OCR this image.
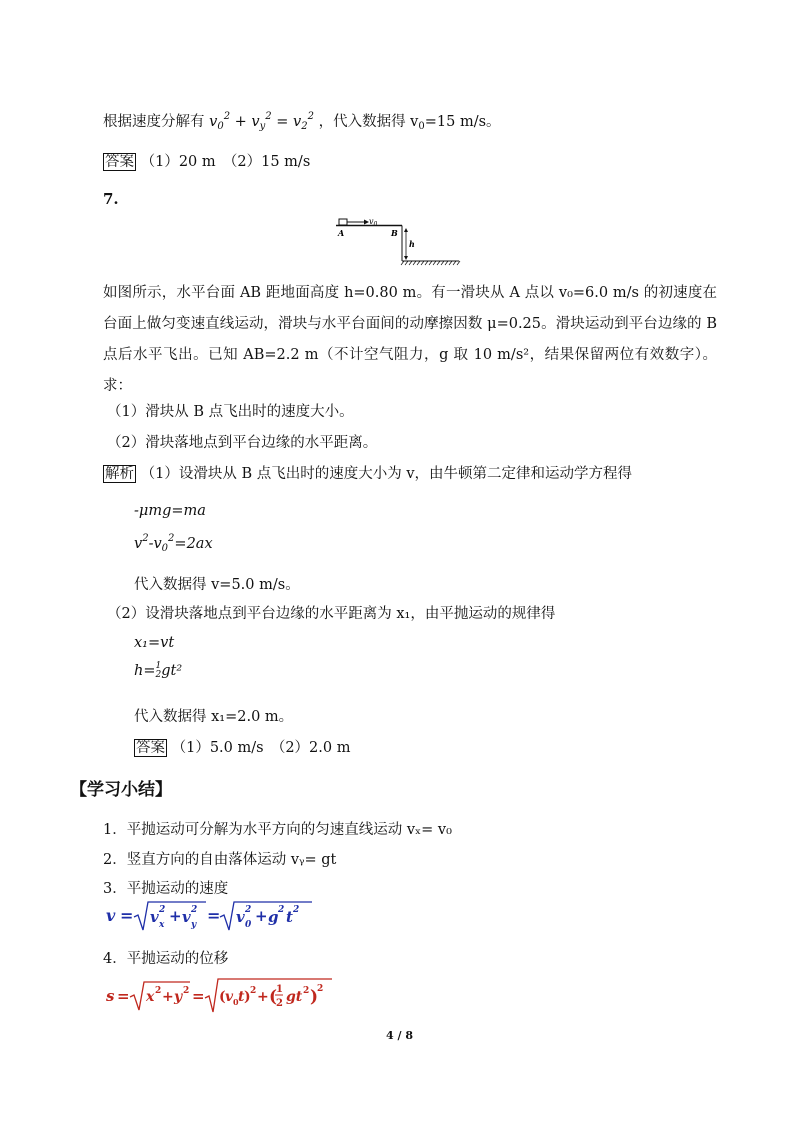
根据速度分解有 $v_0^2 + v_y^2 = v_2^2$ ，代入数据得 $v_0=15$ m/s。
答案 （1）20 m　（2）15 m/s
7.
$v_0$
A	B
h
如图所示，水平台面 AB 距地面高度 h=0.80 m。有一滑块从 A 点以 v₀=6.0 m/s 的初速度在台面上做匀变速直线运动，滑块与水平台面间的动摩擦因数 μ=0.25。滑块运动到平台边缘的 B 点后水平飞出。已知 AB=2.2 m（不计空气阻力，g 取 10 m/s²，结果保留两位有效数字）。求：
（1）滑块从 B 点飞出时的速度大小。
（2）滑块落地点到平台边缘的水平距离。
解析 （1）设滑块从 B 点飞出时的速度大小为 v，由牛顿第二定律和运动学方程得
-μmg=ma
$v^2-v_0^2=2ax$
代入数据得 v=5.0 m/s。
（2）设滑块落地点到平台边缘的水平距离为 x₁，由平抛运动的规律得
x₁=vt
h=1
2gt²
代入数据得 x₁=2.0 m。
答案 （1）5.0 m/s　（2）2.0 m
【学习小结】
1．平抛运动可分解为水平方向的匀速直线运动 vₓ= v₀
2．竖直方向的自由落体运动 vᵧ= gt
3．平抛运动的速度
v = v 2
x + v 2
y = v 2
0 + g 2 t 2
4．平抛运动的位移
s = x 2 + y 2 = ( v 0 t ) 2 + (
1
2 gt 2 )
2
4 / 8
